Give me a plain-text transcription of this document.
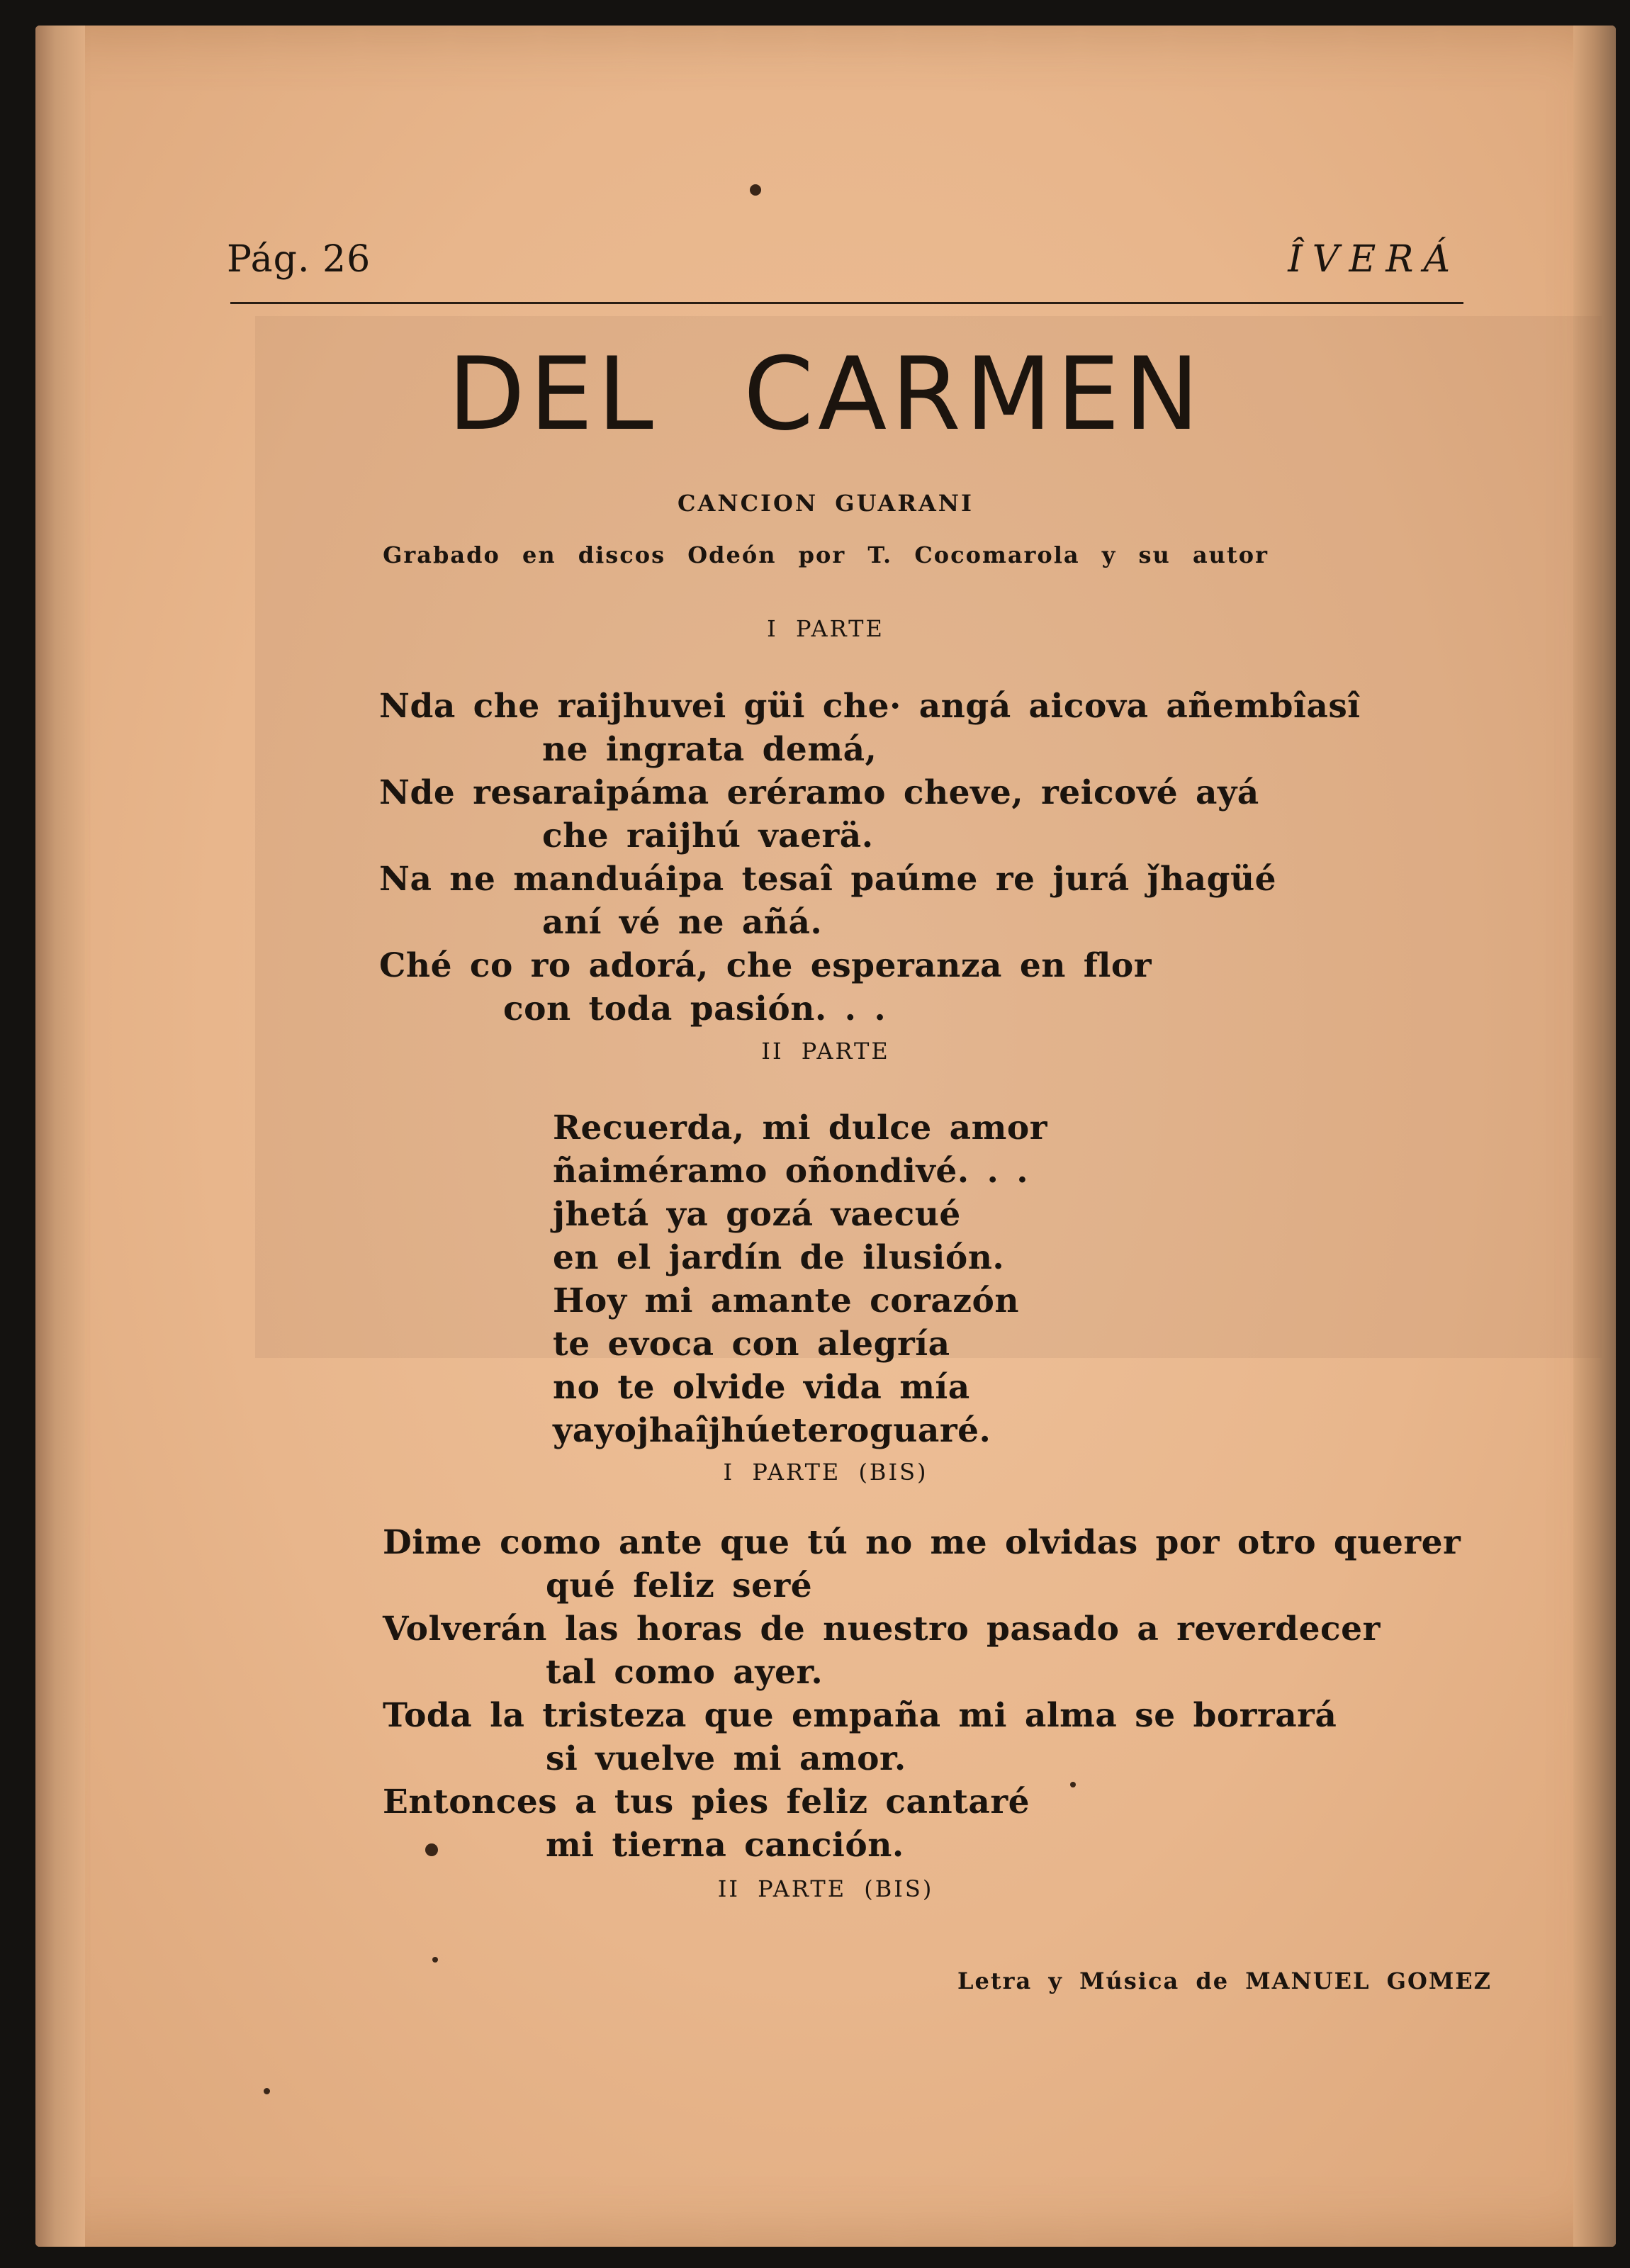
Pág. 26	ÎVERÁ
DEL CARMEN
CANCION GUARANI
Grabado en discos Odeón por T. Cocomarola y su autor
I PARTE
Nda che raijhuvei güi che· angá aicova añembîasî
ne ingrata demá,
Nde resaraipáma eréramo cheve, reicové ayá
che raijhú vaerä.
Na ne manduáipa tesaî paúme re jurá ǰhagüé
aní vé ne añá.
Ché co ro adorá, che esperanza en flor
con toda pasión. . .
II PARTE
Recuerda, mi dulce amor
ñaiméramo oñondivé. . .
jhetá ya gozá vaecué
en el jardín de ilusión.
Hoy mi amante corazón
te evoca con alegría
no te olvide vida mía
yayojhaîjhúeteroguaré.
I PARTE (BIS)
Dime como ante que tú no me olvidas por otro querer
qué feliz seré
Volverán las horas de nuestro pasado a reverdecer
tal como ayer.
Toda la tristeza que empaña mi alma se borrará
si vuelve mi amor.
Entonces a tus pies feliz cantaré
mi tierna canción.
II PARTE (BIS)
Letra y Música de MANUEL GOMEZ
